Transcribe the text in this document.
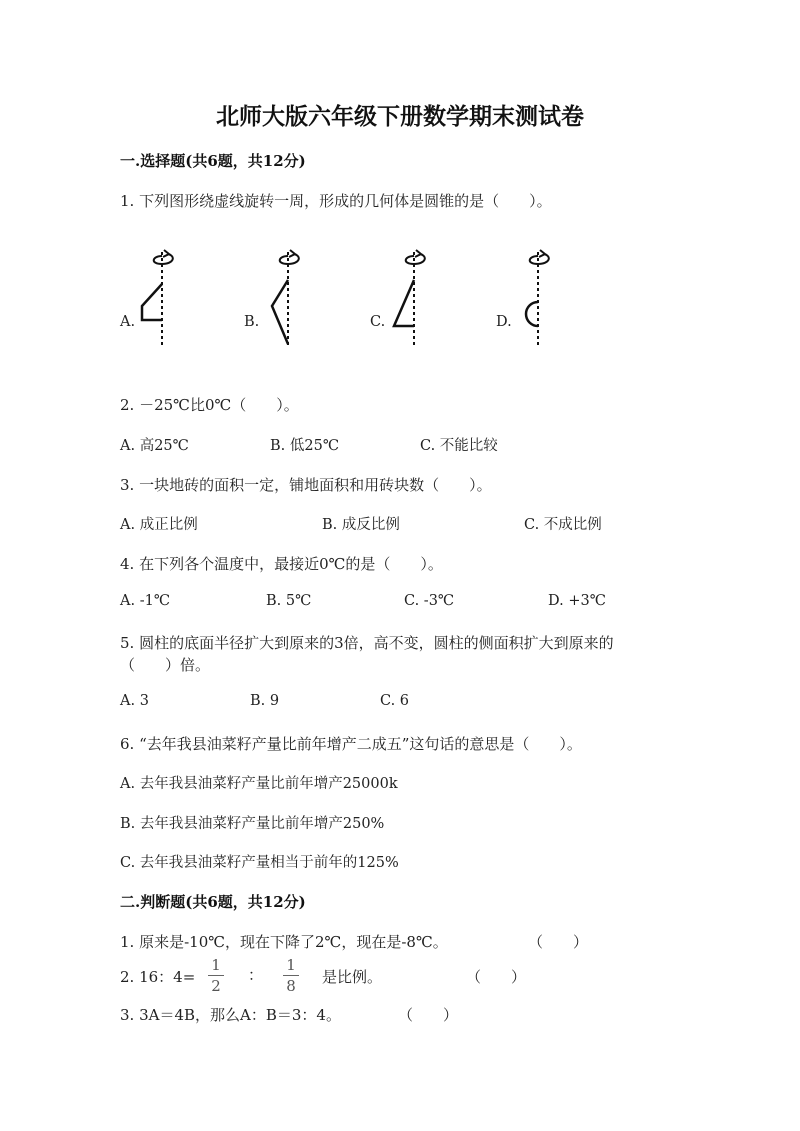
北师大版六年级下册数学期末测试卷
一.选择题(共6题，共12分)
1. 下列图形绕虚线旋转一周，形成的几何体是圆锥的是（　　）。
A.	B.	C.	D.
2. －25℃比0℃（　　）。
A. 高25℃	B. 低25℃	C. 不能比较
3. 一块地砖的面积一定，铺地面积和用砖块数（　　）。
A. 成正比例	B. 成反比例	C. 不成比例
4. 在下列各个温度中，最接近0℃的是（　　）。
A. -1℃	B. 5℃	C. -3℃	D. +3℃
5. 圆柱的底面半径扩大到原来的3倍，高不变，圆柱的侧面积扩大到原来的
（　　）倍。
A. 3	B. 9	C. 6
6. “去年我县油菜籽产量比前年增产二成五”这句话的意思是（　　）。
A. 去年我县油菜籽产量比前年增产25000k
B. 去年我县油菜籽产量比前年增产250%
C. 去年我县油菜籽产量相当于前年的125%
二.判断题(共6题，共12分)
1. 原来是-10℃，现在下降了2℃，现在是-8℃。	（　　）
2. 16：4=
1
2
：
1
8 是比例。	（　　）
3. 3A＝4B，那么A：B＝3：4。	（　　）
